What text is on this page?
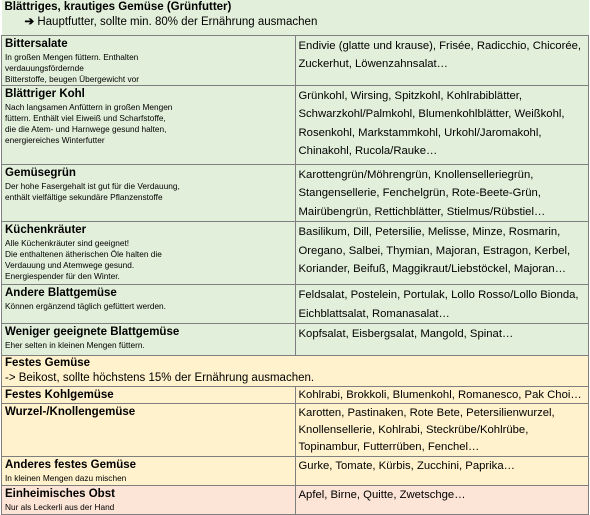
Blättriges, krautiges Gemüse (Grünfutter)
➔ Hauptfutter, sollte min. 80% der Ernährung ausmachen	

Bittersalate
In großen Mengen füttern. Enthalten
verdauungsfördernde
Bitterstoffe, beugen Übergewicht vor	Endivie (glatte und krause), Frisée, Radicchio, Chicorée, Zuckerhut, Löwenzahnsalat…

Blättriger Kohl
Nach langsamen Anfüttern in großen Mengen
füttern. Enthält viel Eiweiß und Scharfstoffe,
die die Atem- und Harnwege gesund halten,
energiereiches Winterfutter	Grünkohl, Wirsing, Spitzkohl, Kohlrabiblätter, Schwarzkohl/Palmkohl, Blumenkohlblätter, Weißkohl, Rosenkohl, Markstammkohl, Urkohl/Jaromakohl, Chinakohl, Rucola/Rauke…

Gemüsegrün
Der hohe Fasergehalt ist gut für die Verdauung,
enthält vielfältige sekundäre Pflanzenstoffe	Karottengrün/Möhrengrün, Knollenselleriegrün, Stangensellerie, Fenchelgrün, Rote-Beete-Grün, Mairübengrün, Rettichblätter, Stielmus/Rübstiel…

Küchenkräuter
Alle Küchenkräuter sind geeignet!
Die enthaltenen ätherischen Öle halten die
Verdauung und Atemwege gesund.
Energiespender für den Winter.	Basilikum, Dill, Petersilie, Melisse, Minze, Rosmarin, Oregano, Salbei, Thymian, Majoran, Estragon, Kerbel, Koriander, Beifuß, Maggikraut/Liebstöckel, Majoran…

Andere Blattgemüse
Können ergänzend täglich gefüttert werden.	Feldsalat, Postelein, Portulak, Lollo Rosso/Lollo Bionda, Eichblattsalat, Romanasalat…

Weniger geeignete Blattgemüse
Eher selten in kleinen Mengen füttern.	Kopfsalat, Eisbergsalat, Mangold, Spinat…

Festes Gemüse
-> Beikost, sollte höchstens 15% der Ernährung ausmachen.	

Festes Kohlgemüse	Kohlrabi, Brokkoli, Blumenkohl, Romanesco, Pak Choi…

Wurzel-/Knollengemüse	Karotten, Pastinaken, Rote Bete, Petersilienwurzel, Knollensellerie, Kohlrabi, Steckrübe/Kohlrübe, Topinambur, Futterrüben, Fenchel…

Anderes festes Gemüse
In kleinen Mengen dazu mischen	Gurke, Tomate, Kürbis, Zucchini, Paprika…

Einheimisches Obst
Nur als Leckerli aus der Hand	Apfel, Birne, Quitte, Zwetschge…
